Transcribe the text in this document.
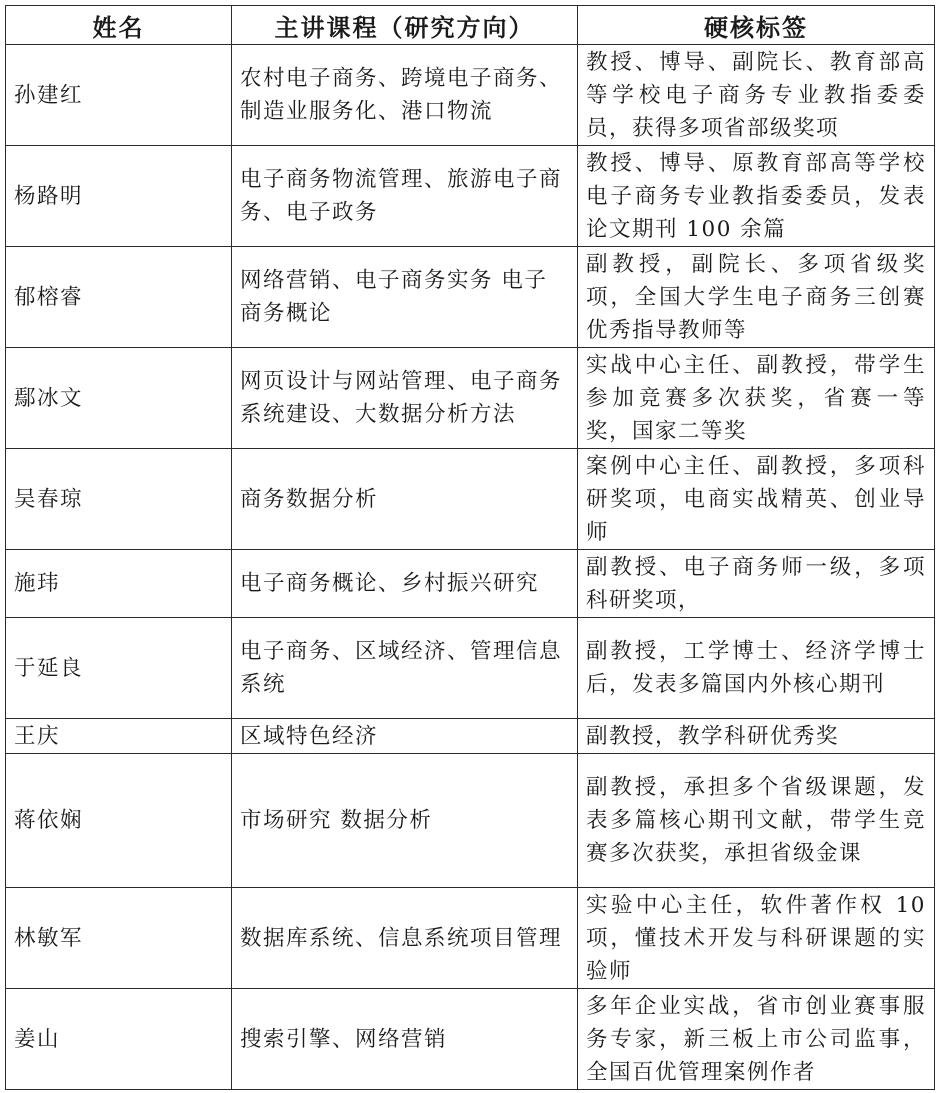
姓名	主讲课程（研究方向）	硬核标签
孙建红	农村电子商务、跨境电子商务、制造业服务化、港口物流	教授、博导、副院长、教育部高等学校电子商务专业教指委委员，获得多项省部级奖项
杨路明	电子商务物流管理、旅游电子商务、电子政务	教授、博导、原教育部高等学校电子商务专业教指委委员，发表论文期刊 100 余篇
郁榕睿	网络营销、电子商务实务 电子商务概论	副教授，副院长、多项省级奖项，全国大学生电子商务三创赛优秀指导教师等
鄢冰文	网页设计与网站管理、电子商务系统建设、大数据分析方法	实战中心主任、副教授，带学生参加竞赛多次获奖，省赛一等奖，国家二等奖
吴春琼	商务数据分析	案例中心主任、副教授，多项科研奖项，电商实战精英、创业导师
施玮	电子商务概论、乡村振兴研究	副教授、电子商务师一级，多项科研奖项，
于延良	电子商务、区域经济、管理信息系统	副教授，工学博士、经济学博士后，发表多篇国内外核心期刊
王庆	区域特色经济	副教授，教学科研优秀奖
蒋依娴	市场研究 数据分析	副教授，承担多个省级课题，发表多篇核心期刊文献，带学生竞赛多次获奖，承担省级金课
林敏军	数据库系统、信息系统项目管理	实验中心主任，软件著作权 10 项，懂技术开发与科研课题的实验师
姜山	搜索引擎、网络营销	多年企业实战，省市创业赛事服务专家，新三板上市公司监事，全国百优管理案例作者
